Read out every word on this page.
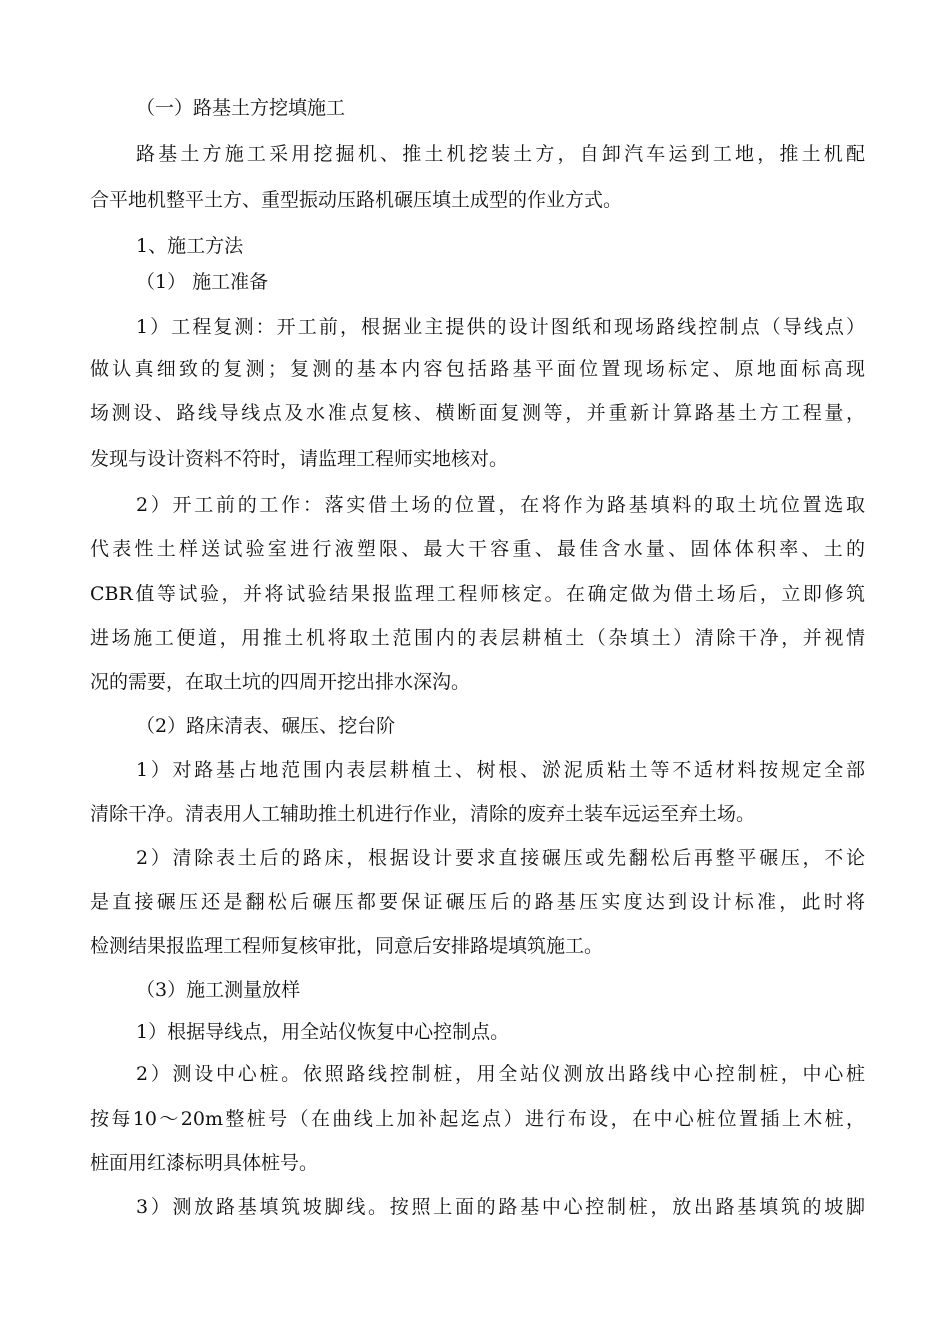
（一）路基土方挖填施工
路基土方施工采用挖掘机、推土机挖装土方，自卸汽车运到工地，推土机配
合平地机整平土方、重型振动压路机碾压填土成型的作业方式。
1、施工方法
（1） 施工准备
1）工程复测：开工前，根据业主提供的设计图纸和现场路线控制点（导线点）
做认真细致的复测；复测的基本内容包括路基平面位置现场标定、原地面标高现
场测设、路线导线点及水准点复核、横断面复测等，并重新计算路基土方工程量，
发现与设计资料不符时，请监理工程师实地核对。
2）开工前的工作：落实借土场的位置，在将作为路基填料的取土坑位置选取
代表性土样送试验室进行液塑限、最大干容重、最佳含水量、固体体积率、土的
CBR值等试验，并将试验结果报监理工程师核定。在确定做为借土场后，立即修筑
进场施工便道，用推土机将取土范围内的表层耕植土（杂填土）清除干净，并视情
况的需要，在取土坑的四周开挖出排水深沟。
（2）路床清表、碾压、挖台阶
1）对路基占地范围内表层耕植土、树根、淤泥质粘土等不适材料按规定全部
清除干净。清表用人工辅助推土机进行作业，清除的废弃土装车远运至弃土场。
2）清除表土后的路床，根据设计要求直接碾压或先翻松后再整平碾压，不论
是直接碾压还是翻松后碾压都要保证碾压后的路基压实度达到设计标准，此时将
检测结果报监理工程师复核审批，同意后安排路堤填筑施工。
（3）施工测量放样
1）根据导线点，用全站仪恢复中心控制点。
2）测设中心桩。依照路线控制桩，用全站仪测放出路线中心控制桩，中心桩
按每10～20m整桩号（在曲线上加补起迄点）进行布设，在中心桩位置插上木桩，
桩面用红漆标明具体桩号。
3）测放路基填筑坡脚线。按照上面的路基中心控制桩，放出路基填筑的坡脚
